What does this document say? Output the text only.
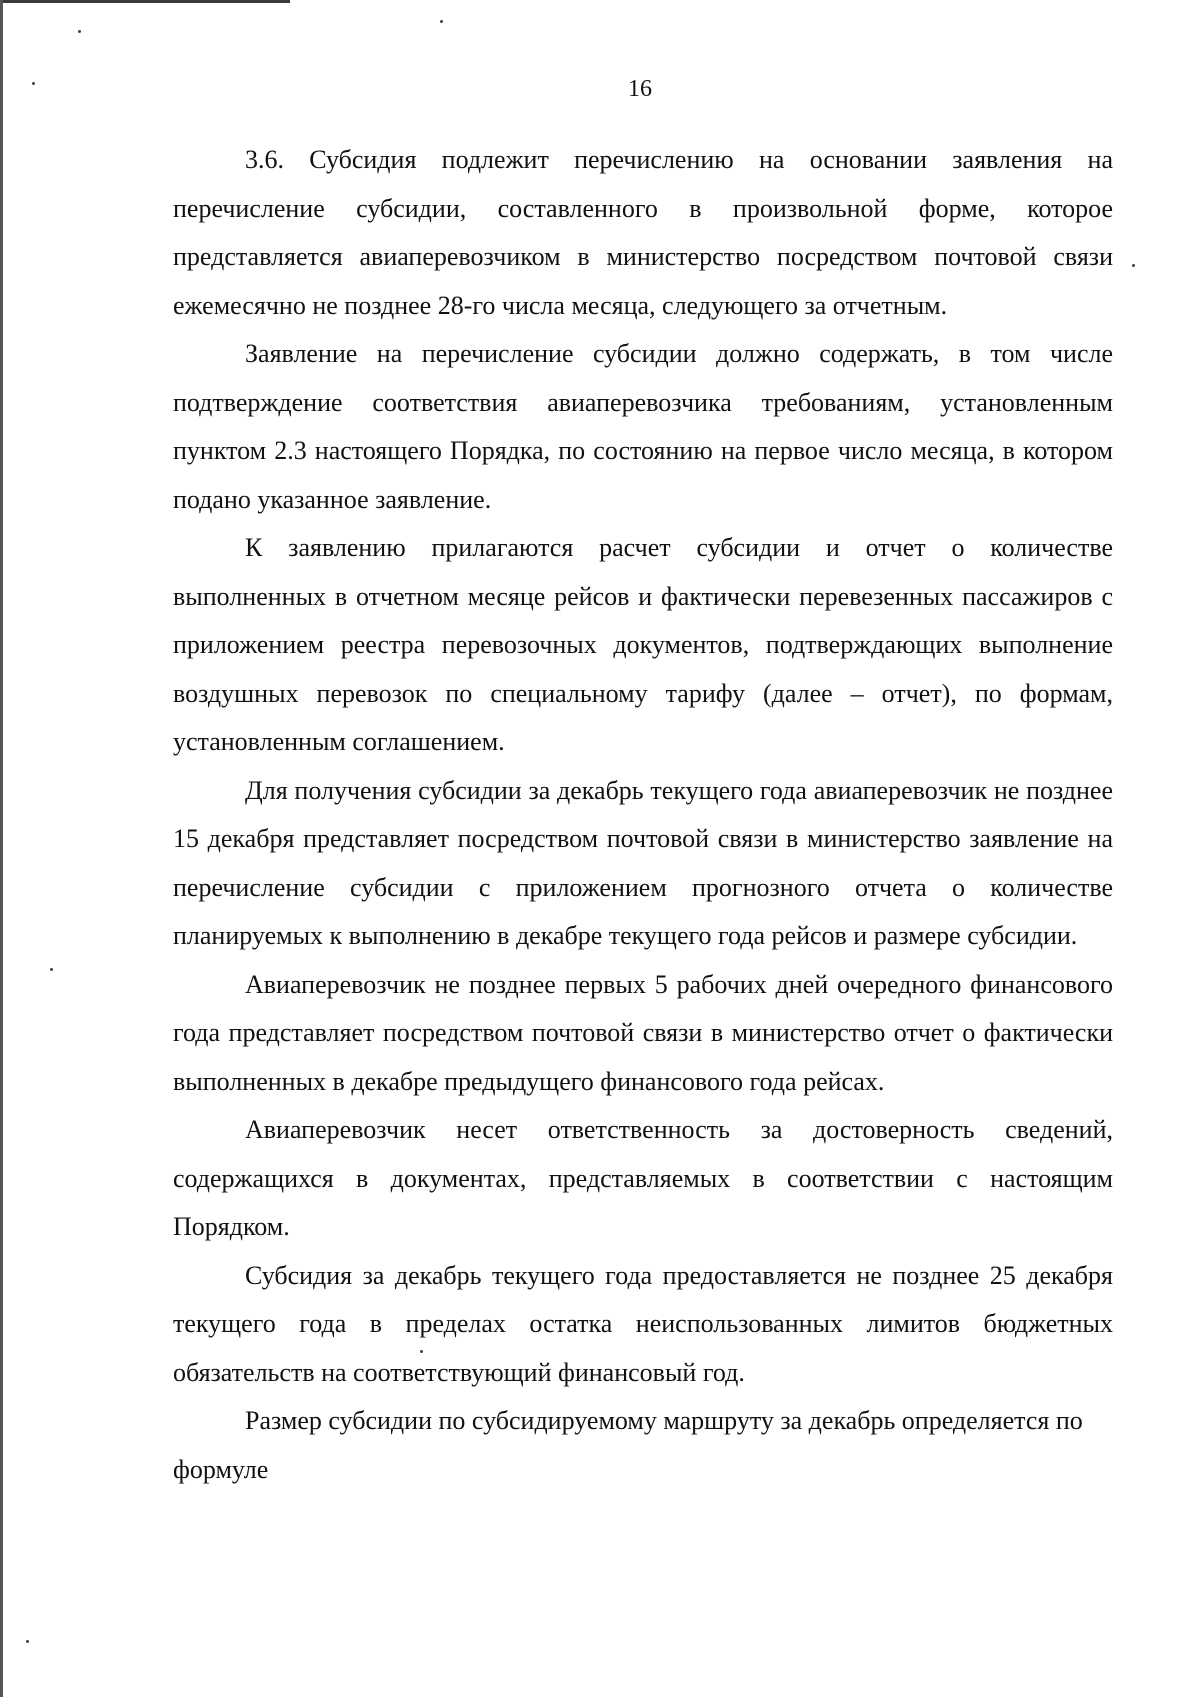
16

3.6. Субсидия подлежит перечислению на основании заявления на перечисление субсидии, составленного в произвольной форме, которое представляется авиаперевозчиком в министерство посредством почтовой связи ежемесячно не позднее 28-го числа месяца, следующего за отчетным.

Заявление на перечисление субсидии должно содержать, в том числе подтверждение соответствия авиаперевозчика требованиям, установленным пунктом 2.3 настоящего Порядка, по состоянию на первое число месяца, в котором подано указанное заявление.

К заявлению прилагаются расчет субсидии и отчет о количестве выполненных в отчетном месяце рейсов и фактически перевезенных пассажиров с приложением реестра перевозочных документов, подтверждающих выполнение воздушных перевозок по специальному тарифу (далее – отчет), по формам, установленным соглашением.

Для получения субсидии за декабрь текущего года авиаперевозчик не позднее 15 декабря представляет посредством почтовой связи в министерство заявление на перечисление субсидии с приложением прогнозного отчета о количестве планируемых к выполнению в декабре текущего года рейсов и размере субсидии.

Авиаперевозчик не позднее первых 5 рабочих дней очередного финансового года представляет посредством почтовой связи в министерство отчет о фактически выполненных в декабре предыдущего финансового года рейсах.

Авиаперевозчик несет ответственность за достоверность сведений, содержащихся в документах, представляемых в соответствии с настоящим Порядком.

Субсидия за декабрь текущего года предоставляется не позднее 25 декабря текущего года в пределах остатка неиспользованных лимитов бюджетных обязательств на соответствующий финансовый год.

Размер субсидии по субсидируемому маршруту за декабрь определяется по формуле
